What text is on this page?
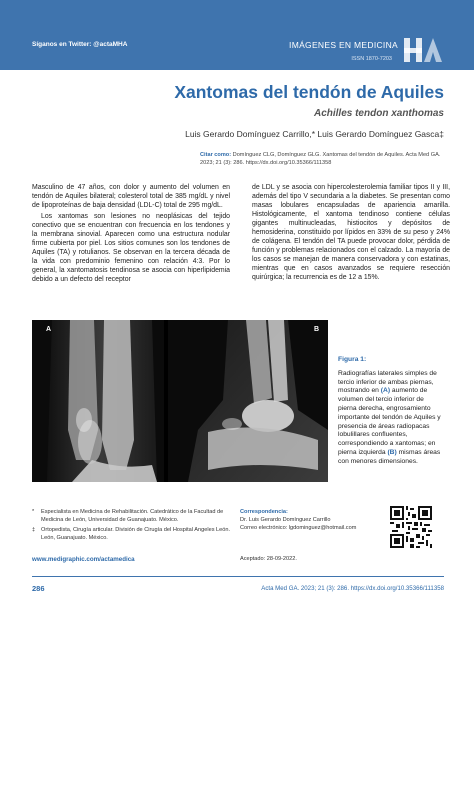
Síganos en Twitter: @actaMHA	IMÁGENES EN MEDICINA
ISSN 1870-7203
Xantomas del tendón de Aquiles
Achilles tendon xanthomas
Luis Gerardo Domínguez Carrillo,* Luis Gerardo Domínguez Gasca‡
Citar como: Domínguez CLG, Domínguez GLG. Xantomas del tendón de Aquiles. Acta Med GA. 2023; 21 (3): 286. https://dx.doi.org/10.35366/111358

Masculino de 47 años, con dolor y aumento del volumen en tendón de Aquiles bilateral; colesterol total de 385 mg/dL y nivel de lipoproteínas de baja densidad (LDL-C) total de 295 mg/dL.

Los xantomas son lesiones no neoplásicas del tejido conectivo que se encuentran con frecuencia en los tendones y la membrana sinovial. Aparecen como una estructura nodular firme cubierta por piel. Los sitios comunes son los tendones de Aquiles (TA) y rotulianos. Se observan en la tercera década de la vida con predominio femenino con relación 4:3. Por lo general, la xantomatosis tendinosa se asocia con hiperlipidemia debido a un defecto del receptor

de LDL y se asocia con hipercolesterolemia familiar tipos II y III, además del tipo V secundaria a la diabetes. Se presentan como masas lobulares encapsuladas de apariencia amarilla. Histológicamente, el xantoma tendinoso contiene células gigantes multinucleadas, histiocitos y depósitos de hemosiderina, constituido por lípidos en 33% de su peso y 24% de colágena. El tendón del TA puede provocar dolor, pérdida de función y problemas relacionados con el calzado. La mayoría de los casos se manejan de manera conservadora y con estatinas, mientras que en casos avanzados se requiere resección quirúrgica; la recurrencia es de 12 a 15%.

A	B
www.medigraphic.org.mx
Figura 1:
Radiografías laterales simples de tercio inferior de ambas piernas, mostrando en (A) aumento de volumen del tercio inferior de pierna derecha, engrosamiento importante del tendón de Aquiles y presencia de áreas radiopacas lobulillares confluentes, correspondiendo a xantomas; en pierna izquierda (B) mismas áreas con menores dimensiones.
* Especialista en Medicina de Rehabilitación. Catedrático de la Facultad de Medicina de León, Universidad de Guanajuato. México.
‡ Ortopedista, Cirugía articular. División de Cirugía del Hospital Angeles León. León, Guanajuato. México.
Correspondencia:
Dr. Luis Gerardo Domínguez Carrillo
Correo electrónico: lgdominguez@hotmail.com
www.medigraphic.com/actamedica	Aceptado: 28-09-2022.
286	Acta Med GA. 2023; 21 (3): 286. https://dx.doi.org/10.35366/111358
